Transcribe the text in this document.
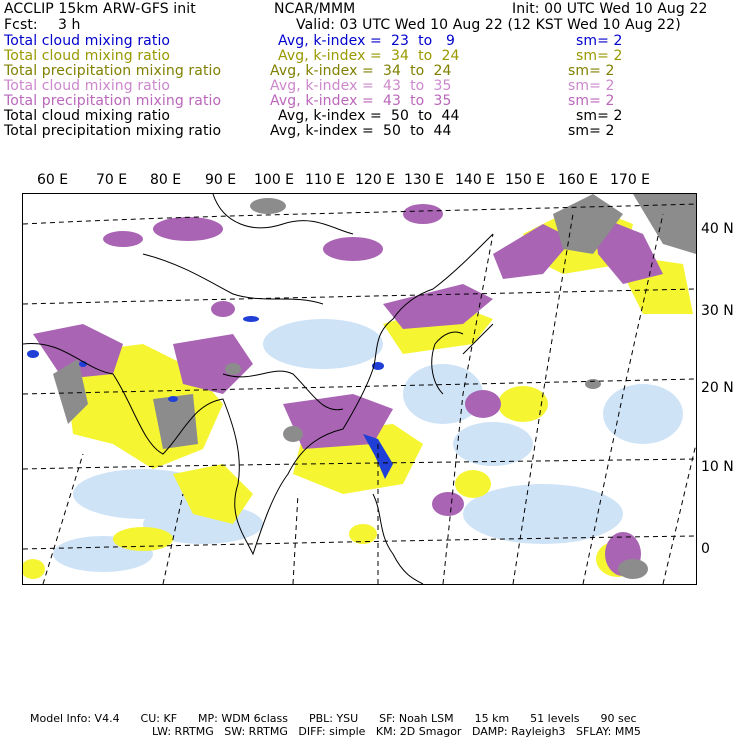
ACCLIP 15km ARW-GFS init	NCAR/MMM	Init: 00 UTC Wed 10 Aug 22
Fcst: 3 h	Valid: 03 UTC Wed 10 Aug 22 (12 KST Wed 10 Aug 22)
Total cloud mixing ratio	Avg, k-index =  23  to   9	sm= 2
Total cloud mixing ratio	Avg, k-index =  34  to  24	sm= 2
Total precipitation mixing ratio	Avg, k-index =  34  to  24	sm= 2
Total cloud mixing ratio	Avg, k-index =  43  to  35	sm= 2
Total precipitation mixing ratio	Avg, k-index =  43  to  35	sm= 2
Total cloud mixing ratio	Avg, k-index =  50  to  44	sm= 2
Total precipitation mixing ratio	Avg, k-index =  50  to  44	sm= 2
60 E 70 E 80 E 90 E 100 E 110 E 120 E 130 E 140 E 150 E 160 E 170 E
40 N
30 N
20 N
10 N
0
Model Info: V4.4      CU: KF      MP: WDM 6class      PBL: YSU      SF: Noah LSM      15 km      51 levels      90 sec
LW: RRTMG   SW: RRTMG   DIFF: simple   KM: 2D Smagor   DAMP: Rayleigh3   SFLAY: MM5
